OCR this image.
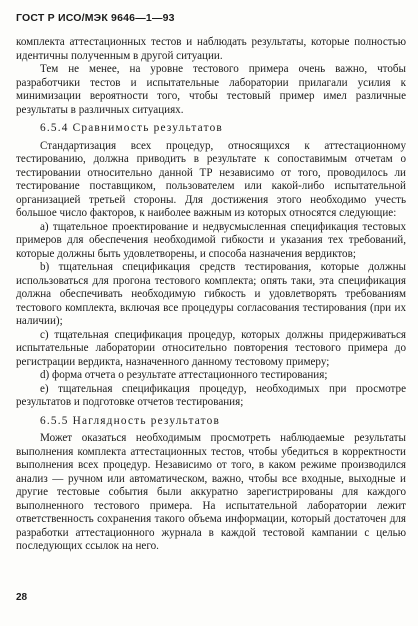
ГОСТ Р ИСО/МЭК 9646—1—93

комплекта аттестационных тестов и наблюдать результаты, которые полностью идентичны полученным в другой ситуации.

Тем не менее, на уровне тестового примера очень важно, чтобы разработчики тестов и испытательные лаборатории прилагали усилия к минимизации вероятности того, чтобы тестовый пример имел различные результаты в различных ситуациях.

6.5.4 Сравнимость результатов

Стандартизация всех процедур, относящихся к аттестационному тестированию, должна приводить в результате к сопоставимым отчетам о тестировании относительно данной ТР независимо от того, проводилось ли тестирование поставщиком, пользователем или какой-либо испытательной организацией третьей стороны. Для достижения этого необходимо учесть большое число факторов, к наиболее важным из которых относятся следующие:

а) тщательное проектирование и недвусмысленная спецификация тестовых примеров для обеспечения необходимой гибкости и указания тех требований, которые должны быть удовлетворены, и способа назначения вердиктов;

b) тщательная спецификация средств тестирования, которые должны использоваться для прогона тестового комплекта; опять таки, эта спецификация должна обеспечивать необходимую гибкость и удовлетворять требованиям тестового комплекта, включая все процедуры согласования тестирования (при их наличии);

с) тщательная спецификация процедур, которых должны придерживаться испытательные лаборатории относительно повторения тестового примера до регистрации вердикта, назначенного данному тестовому примеру;

d) форма отчета о результате аттестационного тестирования;

е) тщательная спецификация процедур, необходимых при просмотре результатов и подготовке отчетов тестирования;

6.5.5 Наглядность результатов

Может оказаться необходимым просмотреть наблюдаемые результаты выполнения комплекта аттестационных тестов, чтобы убедиться в корректности выполнения всех процедур. Независимо от того, в каком режиме производился анализ — ручном или автоматическом, важно, чтобы все входные, выходные и другие тестовые события были аккуратно зарегистрированы для каждого выполненного тестового примера. На испытательной лаборатории лежит ответственность сохранения такого объема информации, который достаточен для разработки аттестационного журнала в каждой тестовой кампании с целью последующих ссылок на него.

28
